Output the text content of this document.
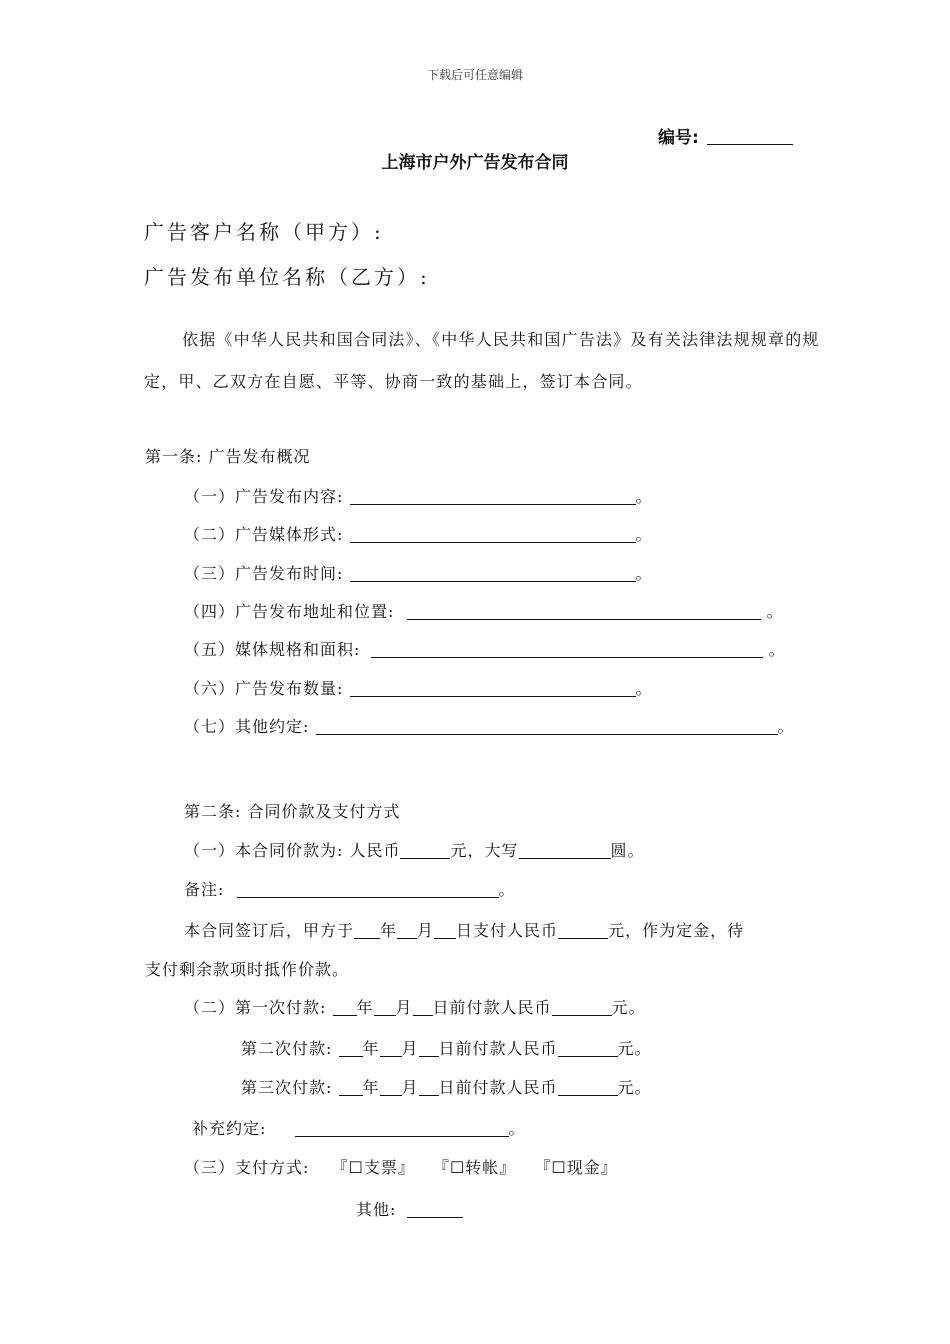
下载后可任意编辑
编号:
上海市户外广告发布合同
广告客户名称（甲方）:
广告发布单位名称（乙方）:
依据《中华人民共和国合同法》、《中华人民共和国广告法》及有关法律法规规章的规定，甲、乙双方在自愿、平等、协商一致的基础上，签订本合同。
第一条: 广告发布概况
（一）广告发布内容:	。
（二）广告媒体形式:	。
（三）广告发布时间:	。
（四）广告发布地址和位置:	。
（五）媒体规格和面积:	。
（六）广告发布数量:	。
（七）其他约定:	。
第二条: 合同价款及支付方式
（一）本合同价款为: 人民币	元，大写	圆。
备注:	。
本合同签订后，甲方于 年 月 日支付人民币	元，作为定金，待
支付剩余款项时抵作价款。
（二）第一次付款: 年 月 日前付款人民币	元。
第二次付款: 年 月 日前付款人民币	元。
第三次付款: 年 月 日前付款人民币	元。
补充约定:	。
（三）支付方式: 『☐支票』 『☐转帐』 『☐现金』
其他:
